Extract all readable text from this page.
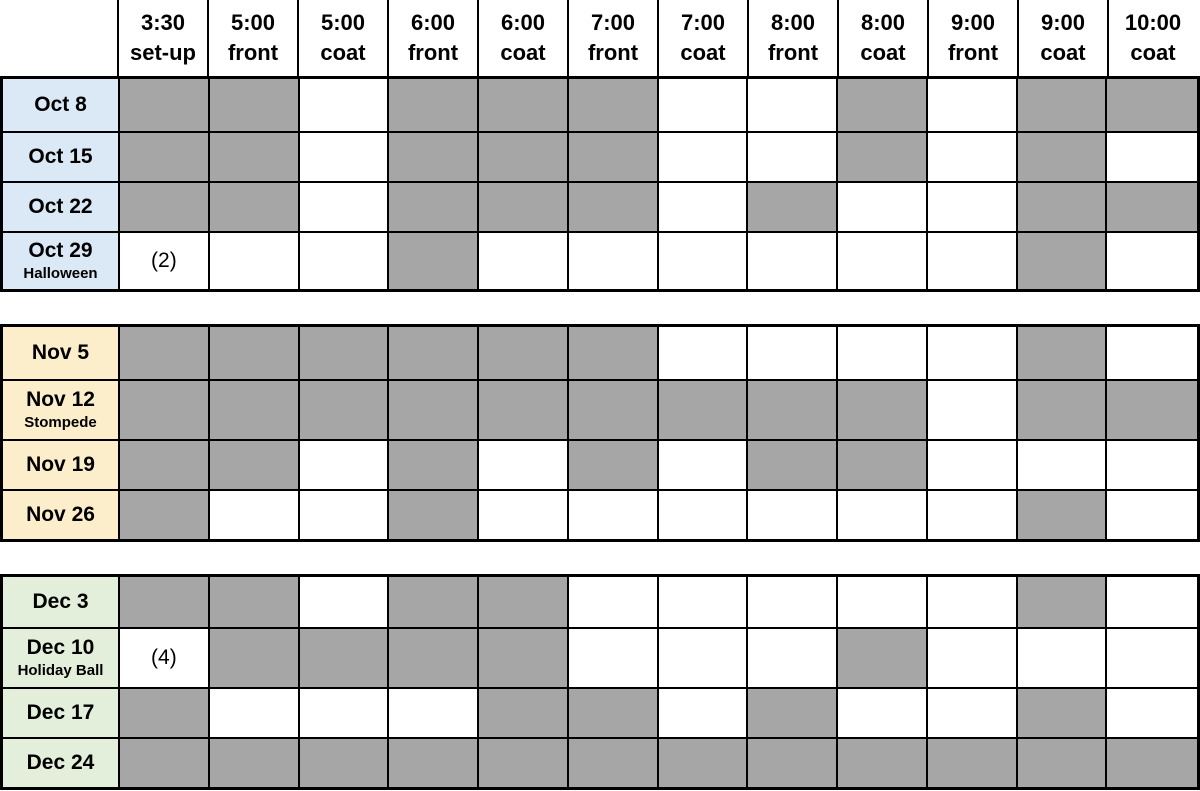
3:30
set-up
5:00
front
5:00
coat
6:00
front
6:00
coat
7:00
front
7:00
coat
8:00
front
8:00
coat
9:00
front
9:00
coat
10:00
coat
Oct 8
Oct 15
Oct 22
Oct 29
Halloween
(2)
Nov 5
Nov 12
Stompede
Nov 19
Nov 26
Dec 3
Dec 10
Holiday Ball
(4)
Dec 17
Dec 24
